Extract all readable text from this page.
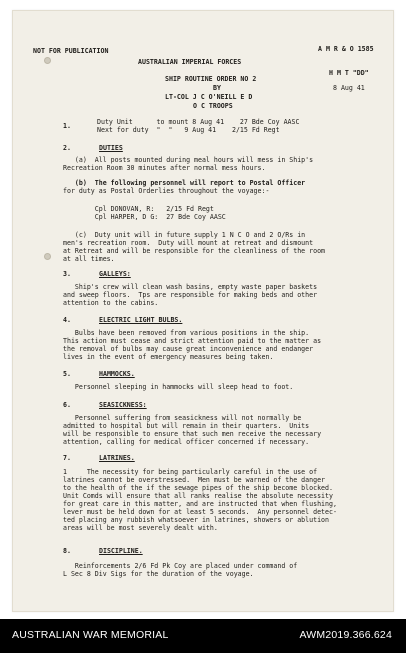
NOT FOR PUBLICATION
AUSTRALIAN IMPERIAL FORCES
A M R & O 1585
H M T "DD"
SHIP ROUTINE ORDER NO 2
BY
LT-COL J C O'NEILL E D
O C TROOPS
8 Aug 41
1.	Duty Unit      to mount 8 Aug 41    27 Bde Coy AASC
Next for duty  "  "   9 Aug 41    2/15 Fd Regt
2.	DUTIES
(a)  All posts mounted during meal hours will mess in Ship's
Recreation Room 30 minutes after normal mess hours.
(b)  The following personnel will report to Postal Officer
for duty as Postal Orderlies throughout the voyage:-
Cpl DONOVAN, R:   2/15 Fd Regt
Cpl HARPER, D G:  27 Bde Coy AASC
(c)  Duty unit will in future supply 1 N C O and 2 O/Rs in
men's recreation room.  Duty will mount at retreat and dismount
at Retreat and will be responsible for the cleanliness of the room
at all times.
3.	GALLEYS:
Ship's crew will clean wash basins, empty waste paper baskets
and sweep floors.  Tps are responsible for making beds and other
attention to the cabins.
4.	ELECTRIC LIGHT BULBS.
Bulbs have been removed from various positions in the ship.
This action must cease and strict attention paid to the matter as
the removal of bulbs may cause great inconvenience and endanger
lives in the event of emergency measures being taken.
5.	HAMMOCKS.
Personnel sleeping in hammocks will sleep head to foot.
6.	SEASICKNESS:
Personnel suffering from seasickness will not normally be
admitted to hospital but will remain in their quarters.  Units
will be responsible to ensure that such men receive the necessary
attention, calling for medical officer concerned if necessary.
7.	LATRINES.
1     The necessity for being particularly careful in the use of
latrines cannot be overstressed.  Men must be warned of the danger
to the health of the if the sewage pipes of the ship become blocked.
Unit Comds will ensure that all ranks realise the absolute necessity
for great care in this matter, and are instructed that when flushing,
lever must be held down for at least 5 seconds.  Any personnel detec-
ted placing any rubbish whatsoever in latrines, showers or ablution
areas will be most severely dealt with.
8.	DISCIPLINE.
Reinforcements 2/6 Fd Pk Coy are placed under command of
L Sec 8 Div Sigs for the duration of the voyage.
AUSTRALIAN WAR MEMORIAL	AWM2019.366.624
